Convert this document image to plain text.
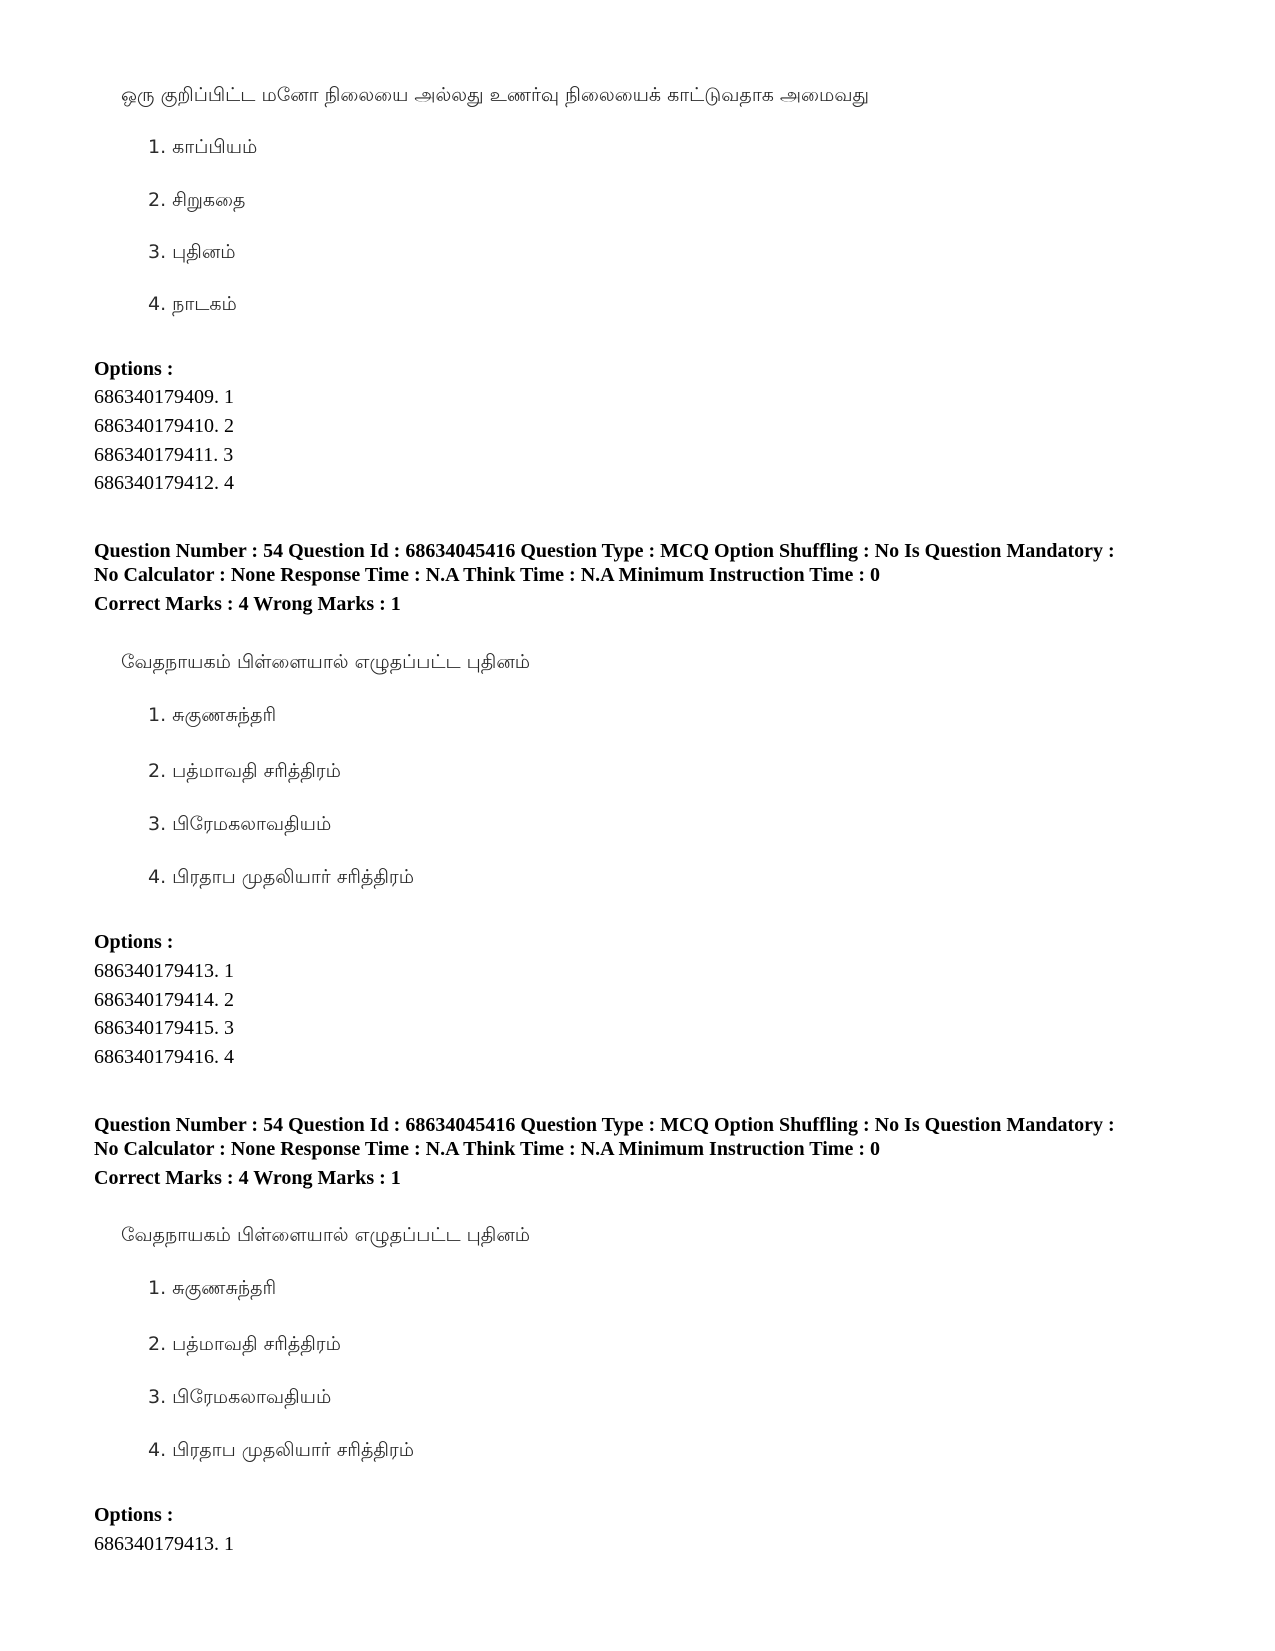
ஒரு குறிப்பிட்ட மனோ நிலையை அல்லது உணர்வு நிலையைக் காட்டுவதாக அமைவது

1. காப்பியம்

2. சிறுகதை

3. புதினம்

4. நாடகம்

Options :

686340179409. 1

686340179410. 2

686340179411. 3

686340179412. 4

Question Number : 54 Question Id : 68634045416 Question Type : MCQ Option Shuffling : No Is Question Mandatory :

No Calculator : None Response Time : N.A Think Time : N.A Minimum Instruction Time : 0

Correct Marks : 4 Wrong Marks : 1

வேதநாயகம் பிள்ளையால் எழுதப்பட்ட புதினம்

1. சுகுணசுந்தரி

2. பத்மாவதி சரித்திரம்

3. பிரேமகலாவதியம்

4. பிரதாப முதலியார் சரித்திரம்

Options :

686340179413. 1

686340179414. 2

686340179415. 3

686340179416. 4

Question Number : 54 Question Id : 68634045416 Question Type : MCQ Option Shuffling : No Is Question Mandatory :

No Calculator : None Response Time : N.A Think Time : N.A Minimum Instruction Time : 0

Correct Marks : 4 Wrong Marks : 1

வேதநாயகம் பிள்ளையால் எழுதப்பட்ட புதினம்

1. சுகுணசுந்தரி

2. பத்மாவதி சரித்திரம்

3. பிரேமகலாவதியம்

4. பிரதாப முதலியார் சரித்திரம்

Options :

686340179413. 1
